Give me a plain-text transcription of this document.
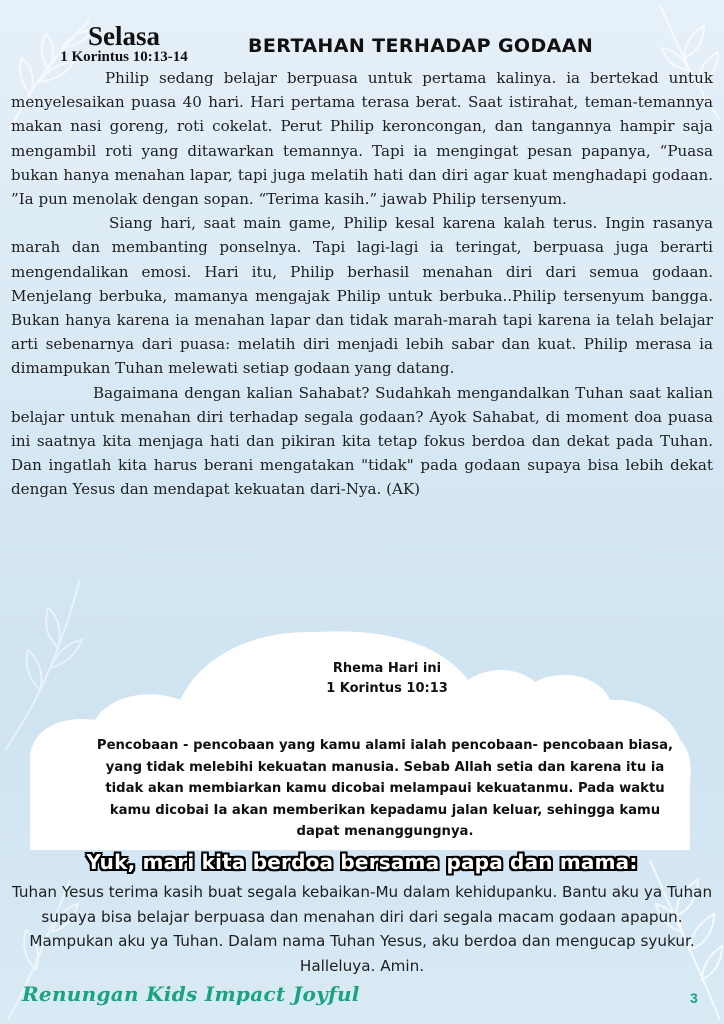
Selasa
1 Korintus 10:13-14	BERTAHAN TERHADAP GODAAN

Philip sedang belajar berpuasa untuk pertama kalinya. ia bertekad untuk menyelesaikan puasa 40 hari. Hari pertama terasa berat. Saat istirahat, teman-temannya makan nasi goreng, roti cokelat. Perut Philip keroncongan, dan tangannya hampir saja mengambil roti yang ditawarkan temannya. Tapi ia mengingat pesan papanya, “Puasa bukan hanya menahan lapar, tapi juga melatih hati dan diri agar kuat menghadapi godaan. ”Ia pun menolak dengan sopan. “Terima kasih.” jawab Philip tersenyum.

Siang hari, saat main game, Philip kesal karena kalah terus. Ingin rasanya marah dan membanting ponselnya. Tapi lagi-lagi ia teringat, berpuasa juga berarti mengendalikan emosi. Hari itu, Philip berhasil menahan diri dari semua godaan. Menjelang berbuka, mamanya mengajak Philip untuk berbuka..Philip tersenyum bangga. Bukan hanya karena ia menahan lapar dan tidak marah-marah tapi karena ia telah belajar arti sebenarnya dari puasa: melatih diri menjadi lebih sabar dan kuat. Philip merasa ia dimampukan Tuhan melewati setiap godaan yang datang.

Bagaimana dengan kalian Sahabat? Sudahkah mengandalkan Tuhan saat kalian belajar untuk menahan diri terhadap segala godaan? Ayok Sahabat, di moment doa puasa ini saatnya kita menjaga hati dan pikiran kita tetap fokus berdoa dan dekat pada Tuhan. Dan ingatlah kita harus berani mengatakan "tidak" pada godaan supaya bisa lebih dekat dengan Yesus dan mendapat kekuatan dari-Nya. (AK)

Rhema Hari ini
1 Korintus 10:13
Pencobaan - pencobaan yang kamu alami ialah pencobaan- pencobaan biasa, yang tidak melebihi kekuatan manusia. Sebab Allah setia dan karena itu ia tidak akan membiarkan kamu dicobai melampaui kekuatanmu. Pada waktu kamu dicobai Ia akan memberikan kepadamu jalan keluar, sehingga kamu dapat menanggungnya.
Yuk, mari kita berdoa bersama papa dan mama:
Tuhan Yesus terima kasih buat segala kebaikan-Mu dalam kehidupanku. Bantu aku ya Tuhan supaya bisa belajar berpuasa dan menahan diri dari segala macam godaan apapun. Mampukan aku ya Tuhan. Dalam nama Tuhan Yesus, aku berdoa dan mengucap syukur. Halleluya. Amin.
Renungan Kids Impact Joyful	3
